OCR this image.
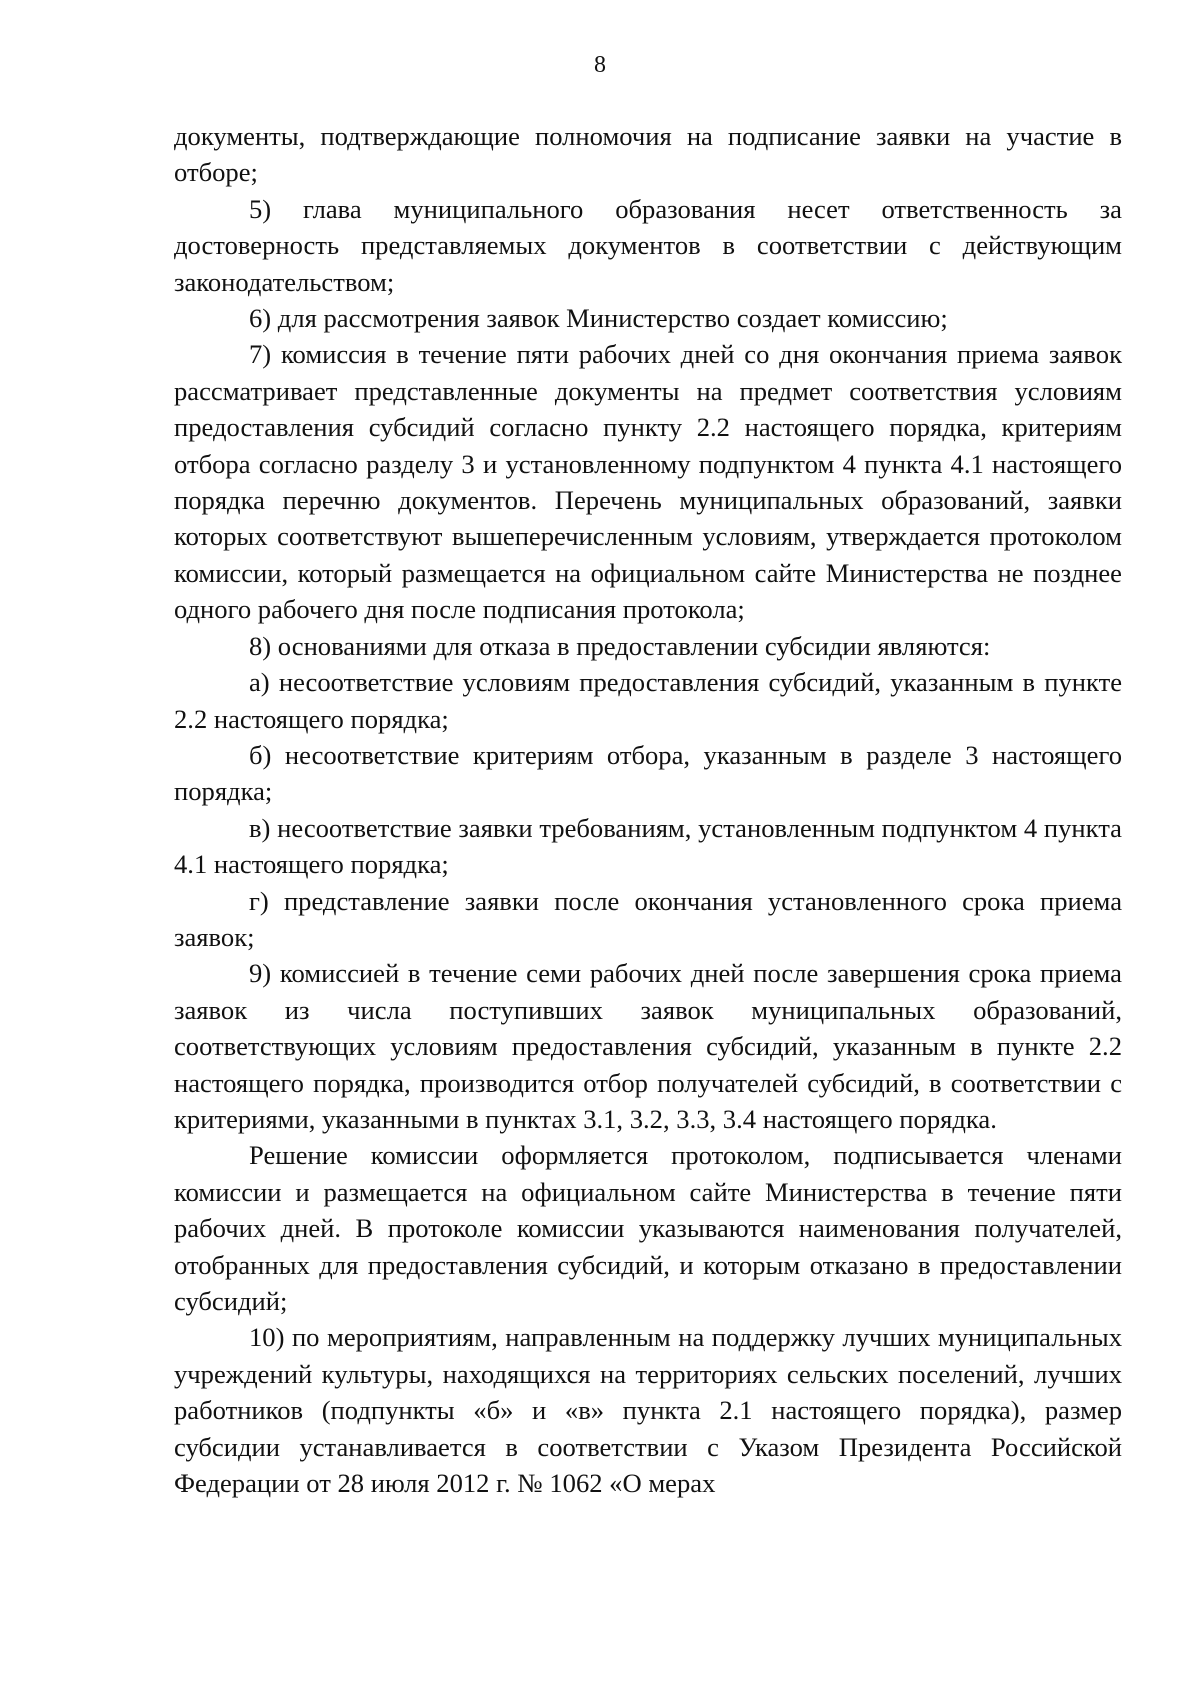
8

документы, подтверждающие полномочия на подписание заявки на участие в отборе;

5) глава муниципального образования несет ответственность за достоверность представляемых документов в соответствии с действующим законодательством;

6) для рассмотрения заявок Министерство создает комиссию;

7) комиссия в течение пяти рабочих дней со дня окончания приема заявок рассматривает представленные документы на предмет соответствия условиям предоставления субсидий согласно пункту 2.2 настоящего порядка, критериям отбора согласно разделу 3 и установленному подпунктом 4 пункта 4.1 настоящего порядка перечню документов. Перечень муниципальных образований, заявки которых соответствуют вышеперечисленным условиям, утверждается протоколом комиссии, который размещается на официальном сайте Министерства не позднее одного рабочего дня после подписания протокола;

8) основаниями для отказа в предоставлении субсидии являются:

а) несоответствие условиям предоставления субсидий, указанным в пункте 2.2 настоящего порядка;

б) несоответствие критериям отбора, указанным в разделе 3 настоящего порядка;

в) несоответствие заявки требованиям, установленным подпунктом 4 пункта 4.1 настоящего порядка;

г) представление заявки после окончания установленного срока приема заявок;

9) комиссией в течение семи рабочих дней после завершения срока приема заявок из числа поступивших заявок муниципальных образований, соответствующих условиям предоставления субсидий, указанным в пункте 2.2 настоящего порядка, производится отбор получателей субсидий, в соответствии с критериями, указанными в пунктах 3.1, 3.2, 3.3, 3.4 настоящего порядка.

Решение комиссии оформляется протоколом, подписывается членами комиссии и размещается на официальном сайте Министерства в течение пяти рабочих дней. В протоколе комиссии указываются наименования получателей, отобранных для предоставления субсидий, и которым отказано в предоставлении субсидий;

10) по мероприятиям, направленным на поддержку лучших муниципальных учреждений культуры, находящихся на территориях сельских поселений, лучших работников (подпункты «б» и «в» пункта 2.1 настоящего порядка), размер субсидии устанавливается в соответствии с Указом Президента Российской Федерации от 28 июля 2012 г. № 1062 «О мерах
